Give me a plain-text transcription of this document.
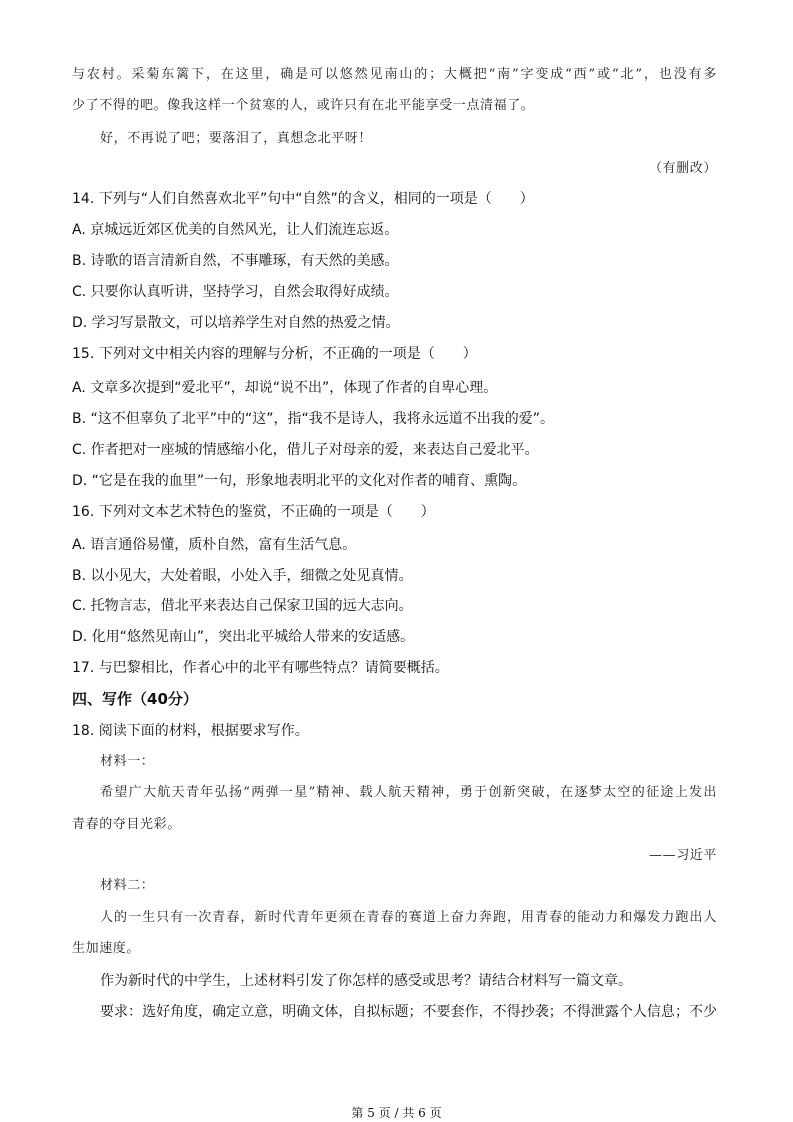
与农村。采菊东篱下，在这里，确是可以悠然见南山的；大概把“南”字变成“西”或“北”，也没有多
少了不得的吧。像我这样一个贫寒的人，或许只有在北平能享受一点清福了。
好，不再说了吧；要落泪了，真想念北平呀！
（有删改）
14. 下列与“人们自然喜欢北平”句中“自然”的含义，相同的一项是（　　）
A. 京城远近郊区优美的自然风光，让人们流连忘返。
B. 诗歌的语言清新自然，不事雕琢，有天然的美感。
C. 只要你认真听讲，坚持学习，自然会取得好成绩。
D. 学习写景散文，可以培养学生对自然的热爱之情。
15. 下列对文中相关内容的理解与分析，不正确的一项是（　　）
A. 文章多次提到“爱北平”，却说“说不出”，体现了作者的自卑心理。
B. “这不但辜负了北平”中的“这”，指“我不是诗人，我将永远道不出我的爱”。
C. 作者把对一座城的情感缩小化，借儿子对母亲的爱，来表达自己爱北平。
D. “它是在我的血里”一句，形象地表明北平的文化对作者的哺育、熏陶。
16. 下列对文本艺术特色的鉴赏，不正确的一项是（　　）
A. 语言通俗易懂，质朴自然，富有生活气息。
B. 以小见大，大处着眼，小处入手，细微之处见真情。
C. 托物言志，借北平来表达自己保家卫国的远大志向。
D. 化用“悠然见南山”，突出北平城给人带来的安适感。
17. 与巴黎相比，作者心中的北平有哪些特点？请简要概括。
四、写作（40分）
18. 阅读下面的材料，根据要求写作。
材料一：
希望广大航天青年弘扬“两弹一星”精神、载人航天精神，勇于创新突破，在逐梦太空的征途上发出
青春的夺目光彩。
——习近平
材料二：
人的一生只有一次青春，新时代青年更须在青春的赛道上奋力奔跑，用青春的能动力和爆发力跑出人
生加速度。
作为新时代的中学生，上述材料引发了你怎样的感受或思考？请结合材料写一篇文章。
要求：选好角度，确定立意，明确文体，自拟标题；不要套作，不得抄袭；不得泄露个人信息；不少
第 5 页 / 共 6 页
